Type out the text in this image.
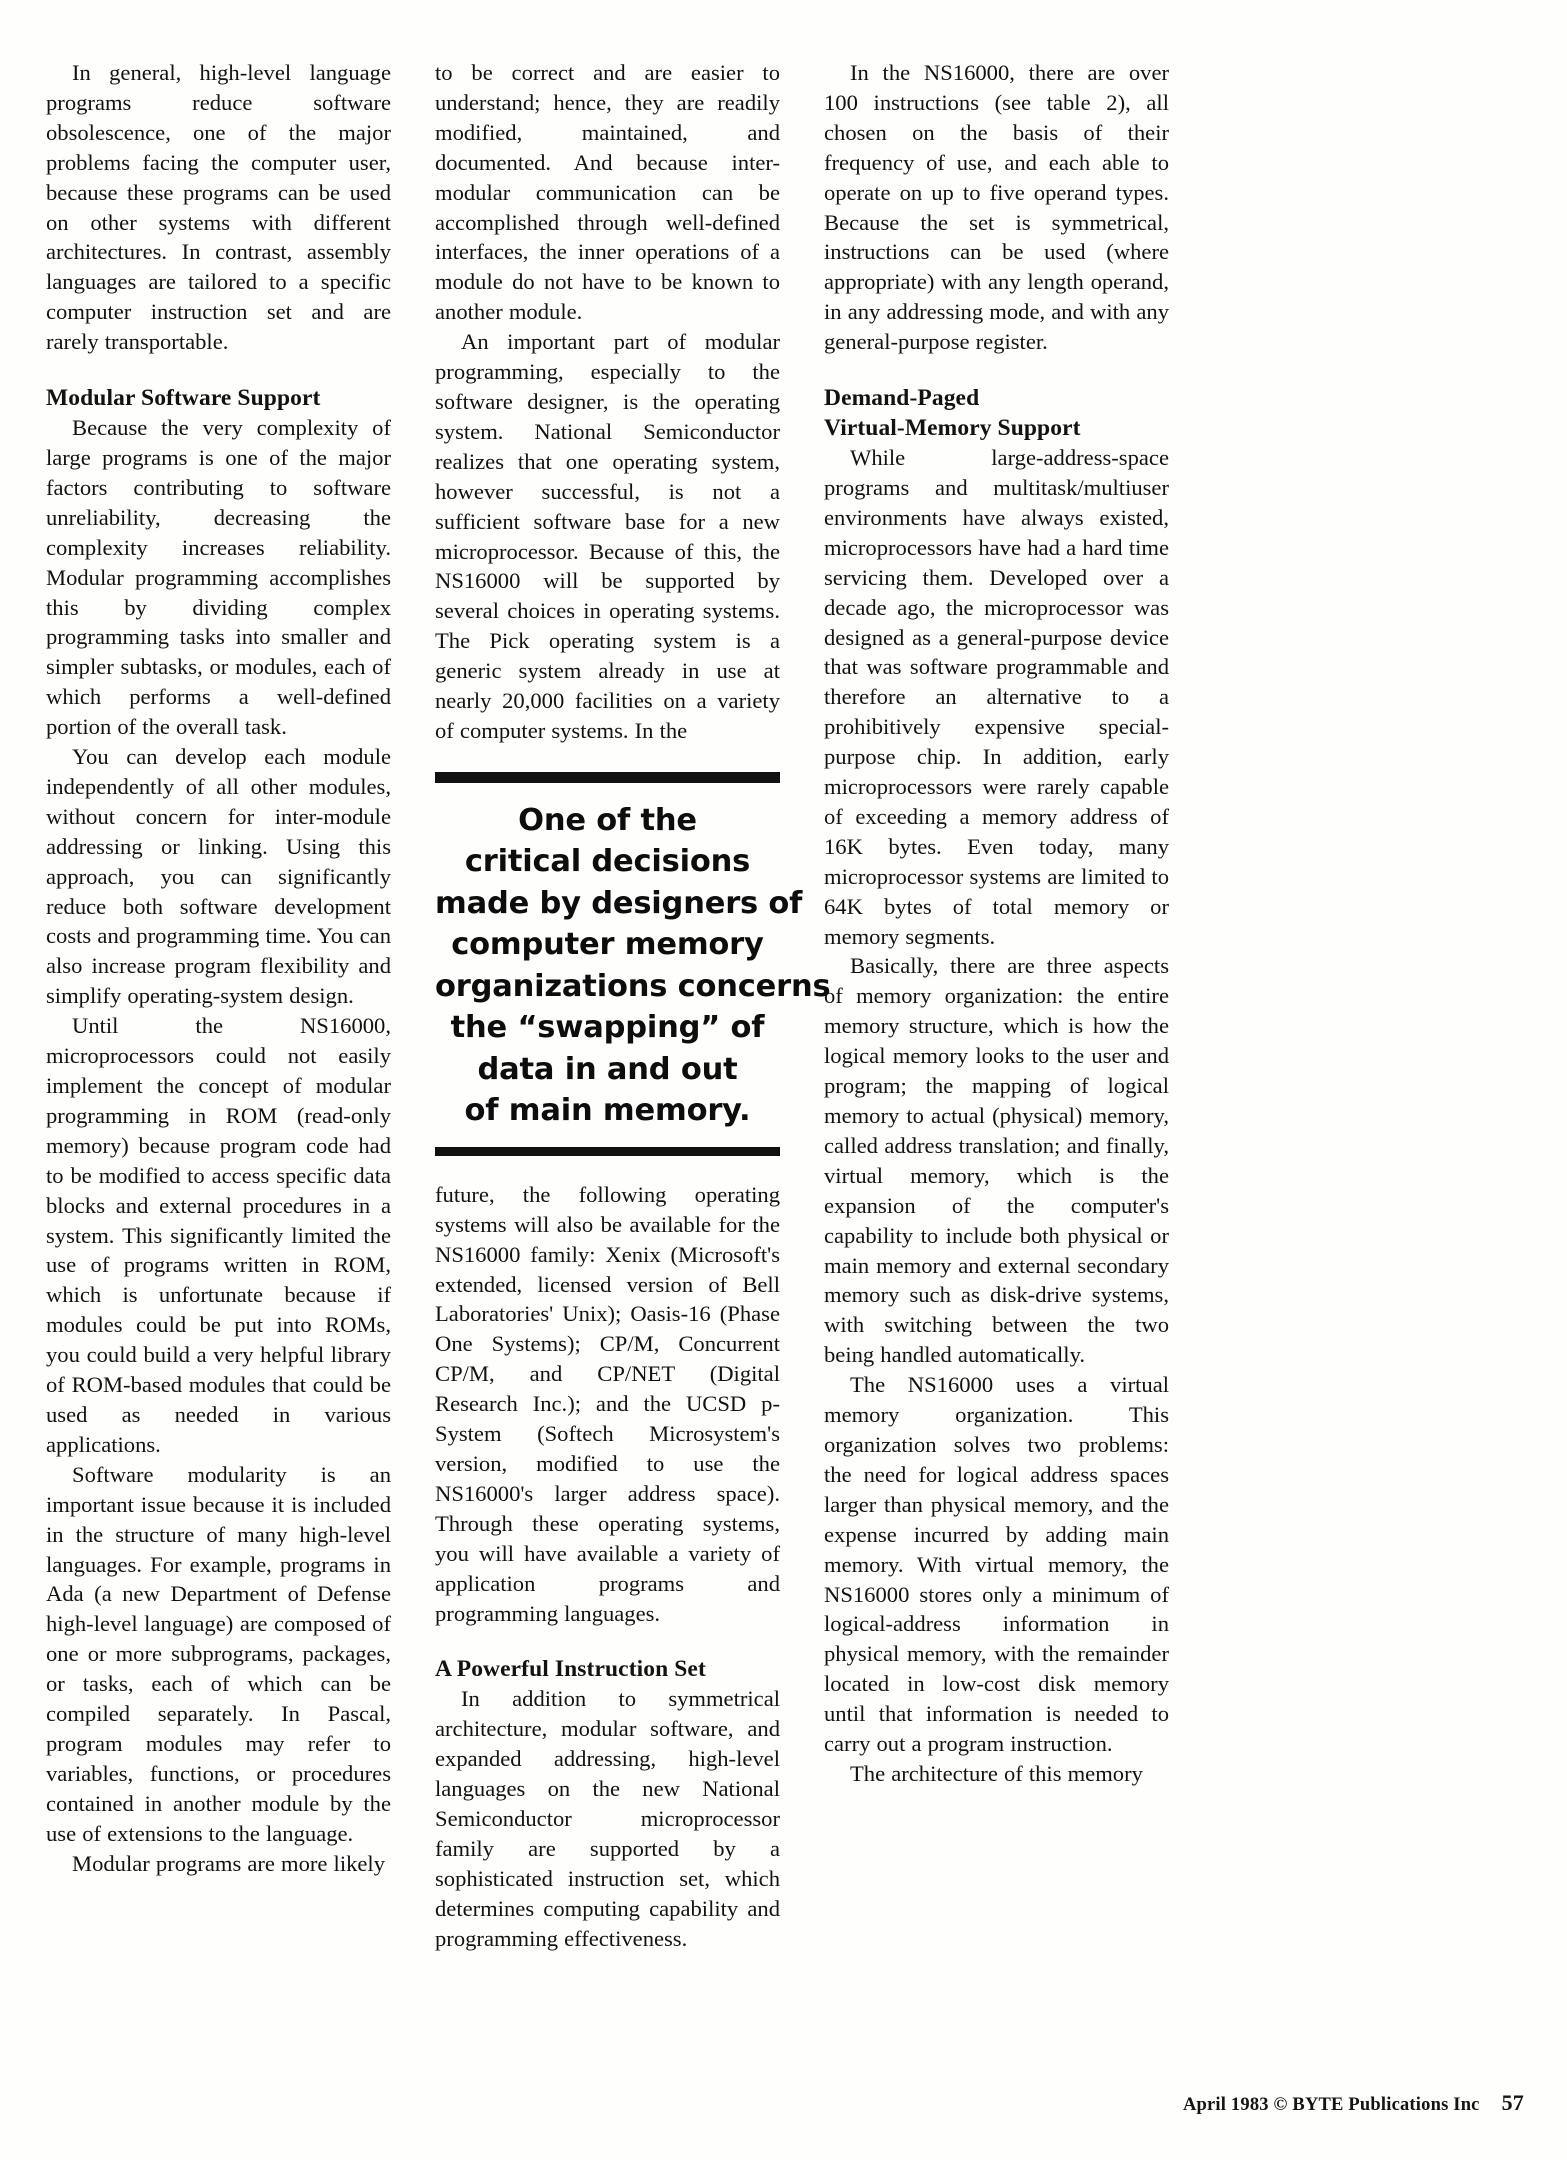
In general, high-level language programs reduce software obsolescence, one of the major problems facing the computer user, because these programs can be used on other systems with different architectures. In contrast, assembly languages are tailored to a specific computer instruction set and are rarely transportable.

Modular Software Support

Because the very complexity of large programs is one of the major factors contributing to software unreliability, decreasing the complexity increases reliability. Modular programming accomplishes this by dividing complex programming tasks into smaller and simpler subtasks, or modules, each of which performs a well-defined portion of the overall task.

You can develop each module independently of all other modules, without concern for inter-module addressing or linking. Using this approach, you can significantly reduce both software development costs and programming time. You can also increase program flexibility and simplify operating-system design.

Until the NS16000, microprocessors could not easily implement the concept of modular programming in ROM (read-only memory) because program code had to be modified to access specific data blocks and external procedures in a system. This significantly limited the use of programs written in ROM, which is unfortunate because if modules could be put into ROMs, you could build a very helpful library of ROM-based modules that could be used as needed in various applications.

Software modularity is an important issue because it is included in the structure of many high-level languages. For example, programs in Ada (a new Department of Defense high-level language) are composed of one or more subprograms, packages, or tasks, each of which can be compiled separately. In Pascal, program modules may refer to variables, functions, or procedures contained in another module by the use of extensions to the language.

Modular programs are more likely

to be correct and are easier to understand; hence, they are readily modified, maintained, and documented. And because inter-modular communication can be accomplished through well-defined interfaces, the inner operations of a module do not have to be known to another module.

An important part of modular programming, especially to the software designer, is the operating system. National Semiconductor realizes that one operating system, however successful, is not a sufficient software base for a new microprocessor. Because of this, the NS16000 will be supported by several choices in operating systems. The Pick operating system is a generic system already in use at nearly 20,000 facilities on a variety of computer systems. In the

One of the
critical decisions
made by designers of
computer memory
organizations concerns
the “swapping” of
data in and out
of main memory.

future, the following operating systems will also be available for the NS16000 family: Xenix (Microsoft's extended, licensed version of Bell Laboratories' Unix); Oasis-16 (Phase One Systems); CP/M, Concurrent CP/M, and CP/NET (Digital Research Inc.); and the UCSD p-System (Softech Microsystem's version, modified to use the NS16000's larger address space). Through these operating systems, you will have available a variety of application programs and programming languages.

A Powerful Instruction Set

In addition to symmetrical architecture, modular software, and expanded addressing, high-level languages on the new National Semiconductor microprocessor family are supported by a sophisticated instruction set, which determines computing capability and programming effectiveness.

In the NS16000, there are over 100 instructions (see table 2), all chosen on the basis of their frequency of use, and each able to operate on up to five operand types. Because the set is symmetrical, instructions can be used (where appropriate) with any length operand, in any addressing mode, and with any general-purpose register.

Demand-Paged
Virtual-Memory Support

While large-address-space programs and multitask/multiuser environments have always existed, microprocessors have had a hard time servicing them. Developed over a decade ago, the microprocessor was designed as a general-purpose device that was software programmable and therefore an alternative to a prohibitively expensive special-purpose chip. In addition, early microprocessors were rarely capable of exceeding a memory address of 16K bytes. Even today, many microprocessor systems are limited to 64K bytes of total memory or memory segments.

Basically, there are three aspects of memory organization: the entire memory structure, which is how the logical memory looks to the user and program; the mapping of logical memory to actual (physical) memory, called address translation; and finally, virtual memory, which is the expansion of the computer's capability to include both physical or main memory and external secondary memory such as disk-drive systems, with switching between the two being handled automatically.

The NS16000 uses a virtual memory organization. This organization solves two problems: the need for logical address spaces larger than physical memory, and the expense incurred by adding main memory. With virtual memory, the NS16000 stores only a minimum of logical-address information in physical memory, with the remainder located in low-cost disk memory until that information is needed to carry out a program instruction.

The architecture of this memory

April 1983 © BYTE Publications Inc 57
